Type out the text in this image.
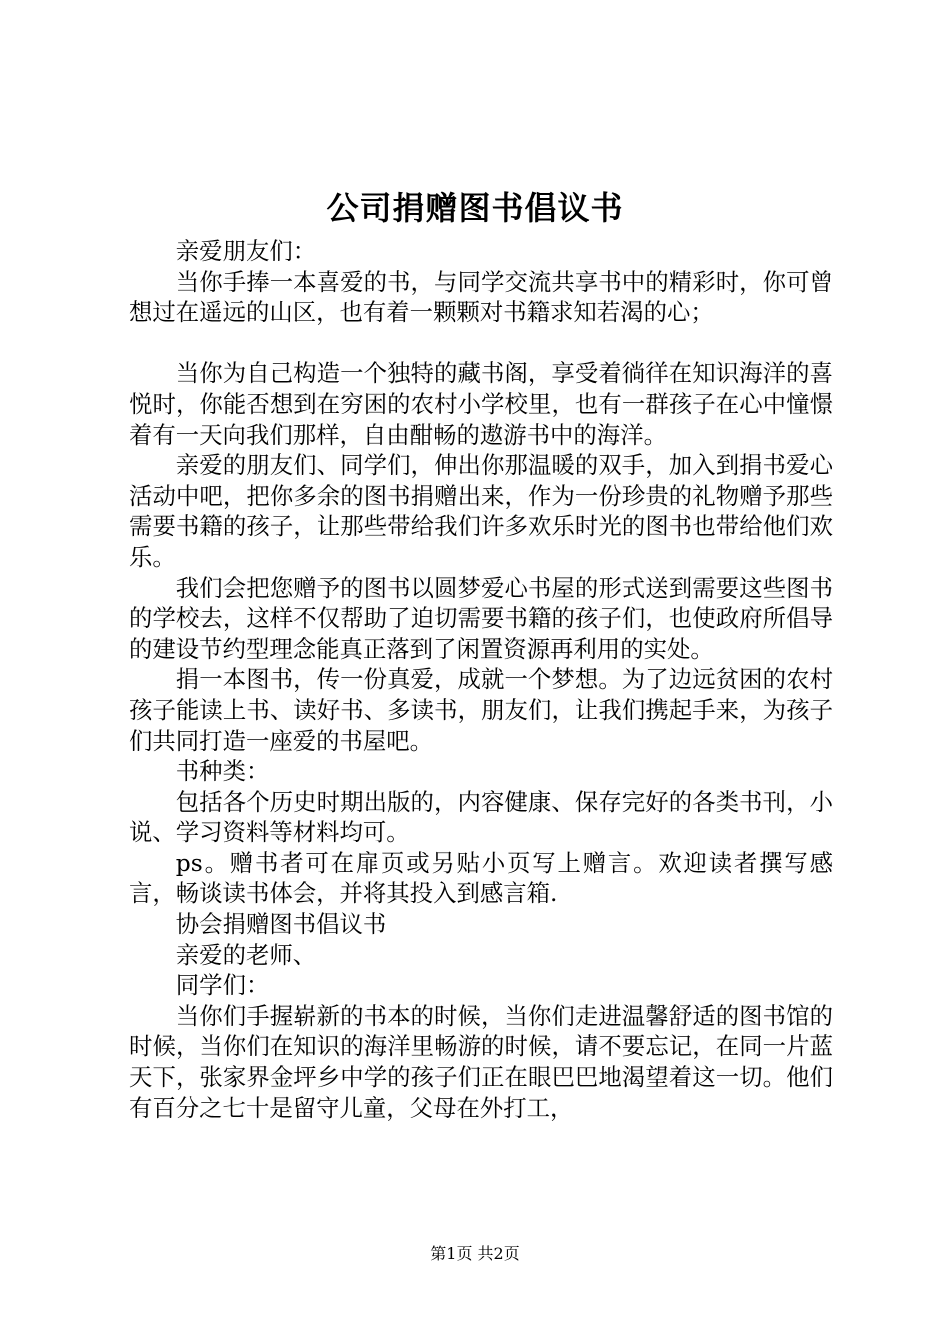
公司捐赠图书倡议书

亲爱朋友们：

当你手捧一本喜爱的书，与同学交流共享书中的精彩时，你可曾想过在遥远的山区，也有着一颗颗对书籍求知若渴的心；

当你为自己构造一个独特的藏书阁，享受着徜徉在知识海洋的喜悦时，你能否想到在穷困的农村小学校里，也有一群孩子在心中憧憬着有一天向我们那样，自由酣畅的遨游书中的海洋。

亲爱的朋友们、同学们，伸出你那温暖的双手，加入到捐书爱心活动中吧，把你多余的图书捐赠出来，作为一份珍贵的礼物赠予那些需要书籍的孩子，让那些带给我们许多欢乐时光的图书也带给他们欢乐。

我们会把您赠予的图书以圆梦爱心书屋的形式送到需要这些图书的学校去，这样不仅帮助了迫切需要书籍的孩子们，也使政府所倡导的建设节约型理念能真正落到了闲置资源再利用的实处。

捐一本图书，传一份真爱，成就一个梦想。为了边远贫困的农村孩子能读上书、读好书、多读书，朋友们，让我们携起手来，为孩子们共同打造一座爱的书屋吧。

书种类：

包括各个历史时期出版的，内容健康、保存完好的各类书刊，小说、学习资料等材料均可。

ps。赠书者可在扉页或另贴小页写上赠言。欢迎读者撰写感言，畅谈读书体会，并将其投入到感言箱.

协会捐赠图书倡议书

亲爱的老师、

同学们：

当你们手握崭新的书本的时候，当你们走进温馨舒适的图书馆的时候，当你们在知识的海洋里畅游的时候，请不要忘记，在同一片蓝天下，张家界金坪乡中学的孩子们正在眼巴巴地渴望着这一切。他们有百分之七十是留守儿童，父母在外打工，

第1页 共2页
